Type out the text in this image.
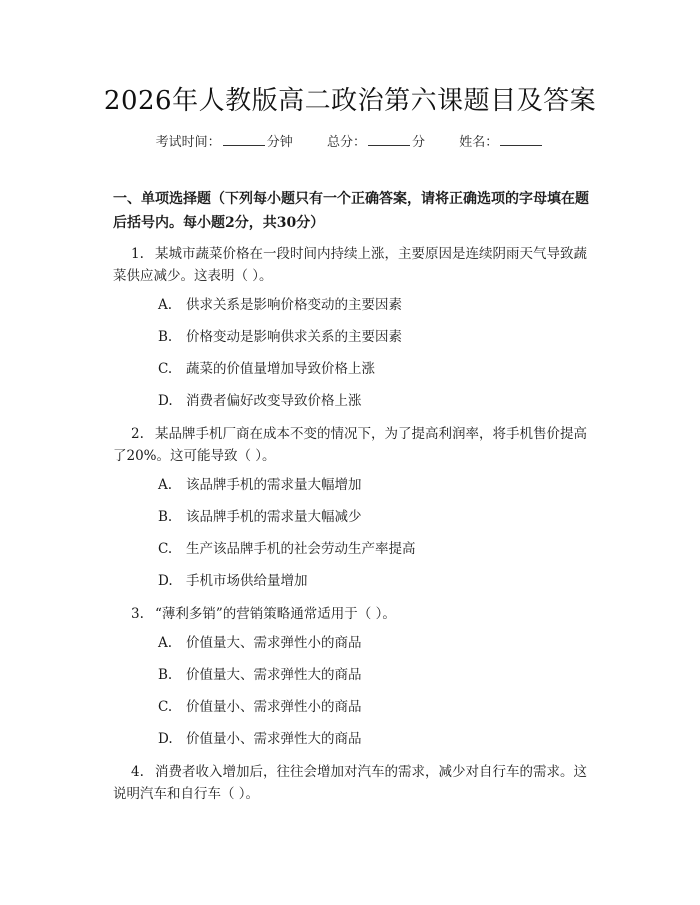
2026年人教版高二政治第六课题目及答案
考试时间：	分钟	总分：	分	姓名：
一、单项选择题（下列每小题只有一个正确答案，请将正确选项的字母填在题后括号内。每小题2分，共30分）
1. 某城市蔬菜价格在一段时间内持续上涨，主要原因是连续阴雨天气导致蔬菜供应减少。这表明（ ）。
A. 供求关系是影响价格变动的主要因素
B. 价格变动是影响供求关系的主要因素
C. 蔬菜的价值量增加导致价格上涨
D. 消费者偏好改变导致价格上涨
2. 某品牌手机厂商在成本不变的情况下，为了提高利润率，将手机售价提高了20%。这可能导致（ ）。
A. 该品牌手机的需求量大幅增加
B. 该品牌手机的需求量大幅减少
C. 生产该品牌手机的社会劳动生产率提高
D. 手机市场供给量增加
3. “薄利多销”的营销策略通常适用于（ ）。
A. 价值量大、需求弹性小的商品
B. 价值量大、需求弹性大的商品
C. 价值量小、需求弹性小的商品
D. 价值量小、需求弹性大的商品
4. 消费者收入增加后，往往会增加对汽车的需求，减少对自行车的需求。这说明汽车和自行车（ ）。
